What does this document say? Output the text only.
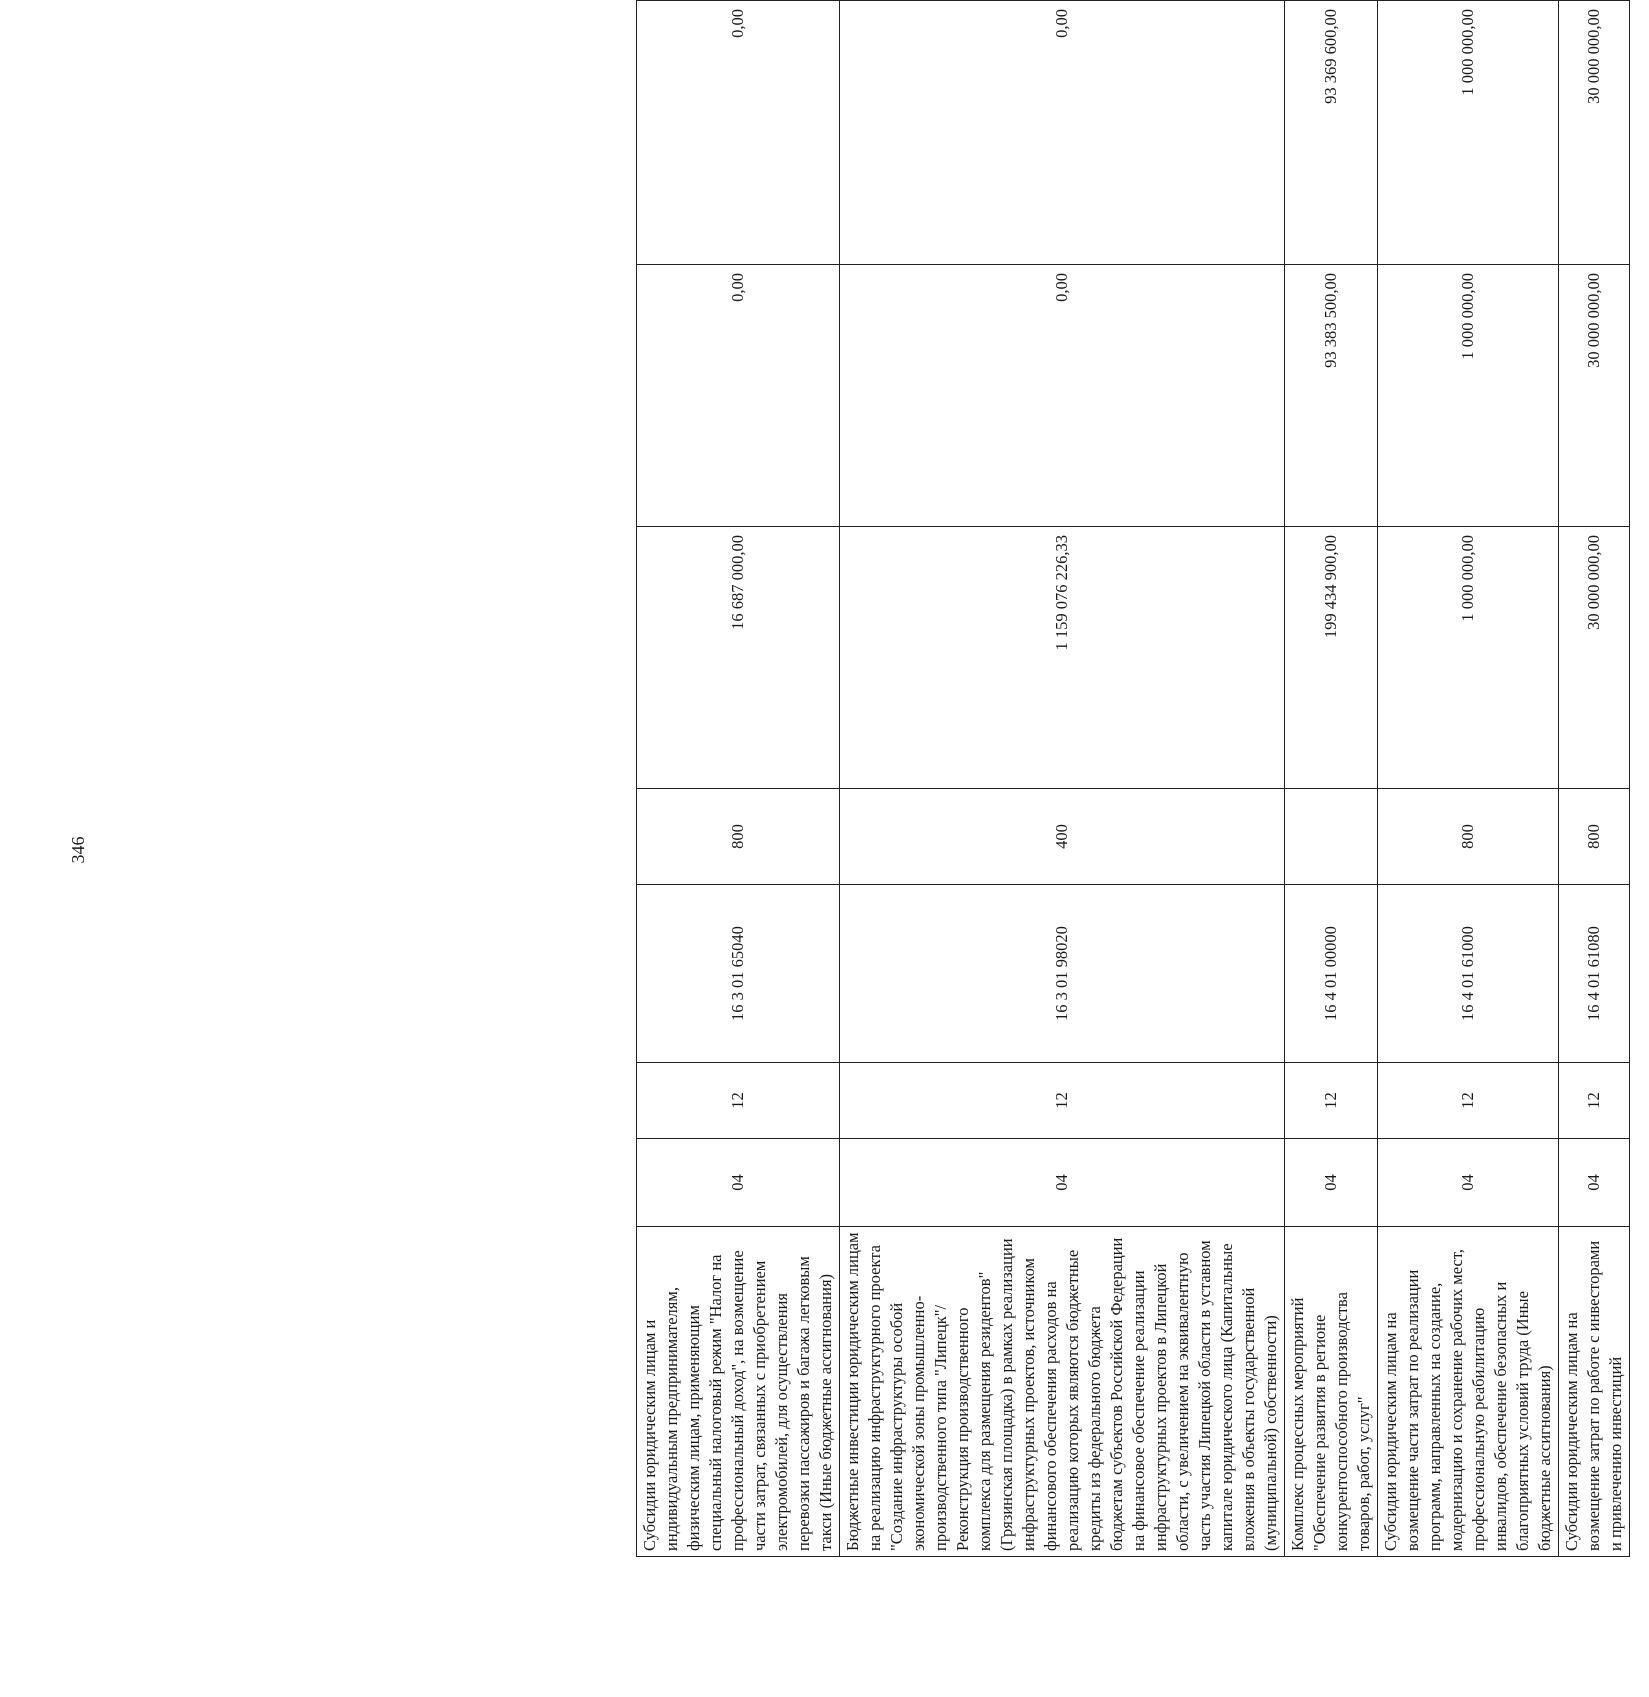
346
Субсидии юридическим лицам и индивидуальным предпринимателям, физическим лицам, применяющим специальный налоговый режим "Налог на профессиональный доход", на возмещение части затрат, связанных с приобретением электромобилей, для осуществления перевозки пассажиров и багажа легковым такси (Иные бюджетные ассигнования)	04	12	16 3 01 65040	800	16 687 000,00	0,00	0,00
Бюджетные инвестиции юридическим лицам на реализацию инфраструктурного проекта "Создание инфраструктуры особой экономической зоны промышленно-производственного типа "Липецк"/Реконструкция производственного комплекса для размещения резидентов" (Грязинская площадка) в рамках реализации инфраструктурных проектов, источником финансового обеспечения расходов на реализацию которых являются бюджетные кредиты из федерального бюджета бюджетам субъектов Российской Федерации на финансовое обеспечение реализации инфраструктурных проектов в Липецкой области, с увеличением на эквивалентную часть участия Липецкой области в уставном капитале юридического лица (Капитальные вложения в объекты государственной (муниципальной) собственности)	04	12	16 3 01 98020	400	1 159 076 226,33	0,00	0,00
Комплекс процессных мероприятий "Обеспечение развития в регионе конкурентоспособного производства товаров, работ, услуг"	04	12	16 4 01 00000		199 434 900,00	93 383 500,00	93 369 600,00
Субсидии юридическим лицам на возмещение части затрат по реализации программ, направленных на создание, модернизацию и сохранение рабочих мест, профессиональную реабилитацию инвалидов, обеспечение безопасных и благоприятных условий труда (Иные бюджетные ассигнования)	04	12	16 4 01 61000	800	1 000 000,00	1 000 000,00	1 000 000,00
Субсидии юридическим лицам на возмещение затрат по работе с инвесторами и привлечению инвестиций	04	12	16 4 01 61080	800	30 000 000,00	30 000 000,00	30 000 000,00
